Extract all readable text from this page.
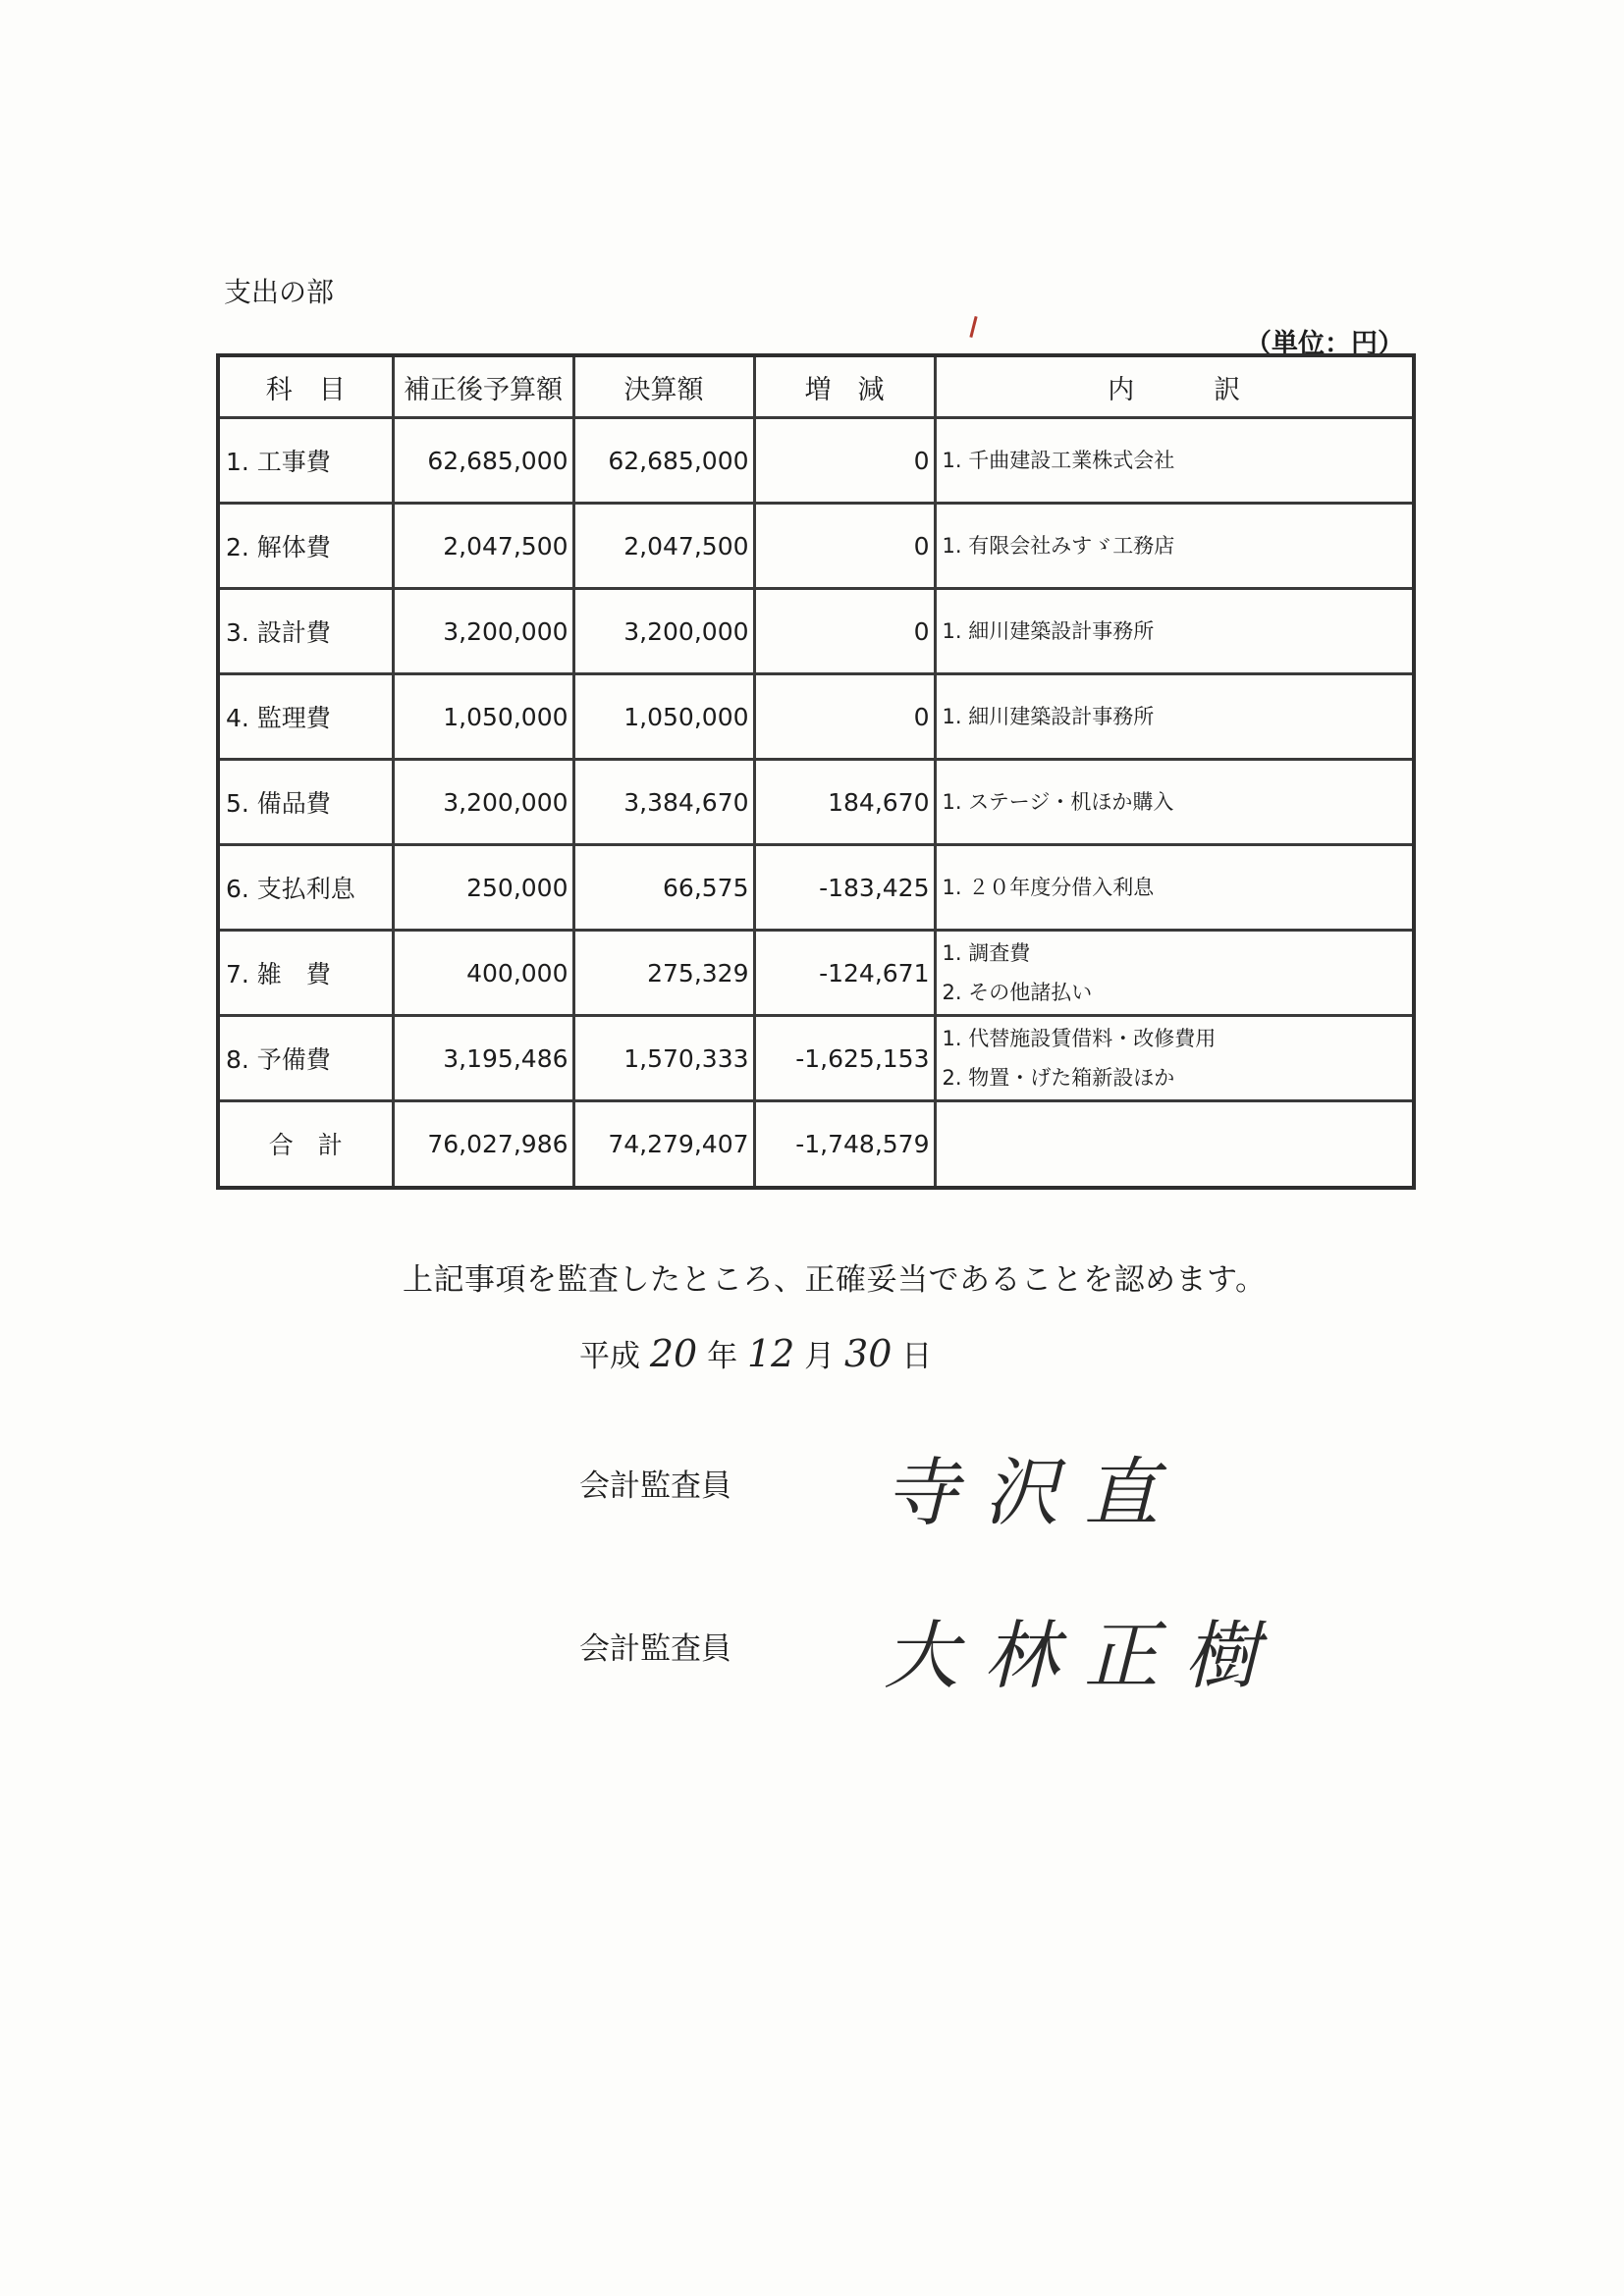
支出の部
（単位：円）
科　目	補正後予算額	決算額	増　減	内　　　訳
1. 工事費	62,685,000	62,685,000	0	1. 千曲建設工業株式会社

2. 解体費	2,047,500	2,047,500	0	1. 有限会社みすゞ工務店

3. 設計費	3,200,000	3,200,000	0	1. 細川建築設計事務所

4. 監理費	1,050,000	1,050,000	0	1. 細川建築設計事務所

5. 備品費	3,200,000	3,384,670	184,670	1. ステージ・机ほか購入

6. 支払利息	250,000	66,575	-183,425	1. ２０年度分借入利息

7. 雑　費	400,000	275,329	-124,671	1. 調査費
2. その他諸払い

8. 予備費	3,195,486	1,570,333	-1,625,153	1. 代替施設賃借料・改修費用
2. 物置・げた箱新設ほか

合　計	76,027,986	74,279,407	-1,748,579	
上記事項を監査したところ、正確妥当であることを認めます。
平成 20 年 12 月 30 日
会計監査員 寺沢直
会計監査員 大林正樹
